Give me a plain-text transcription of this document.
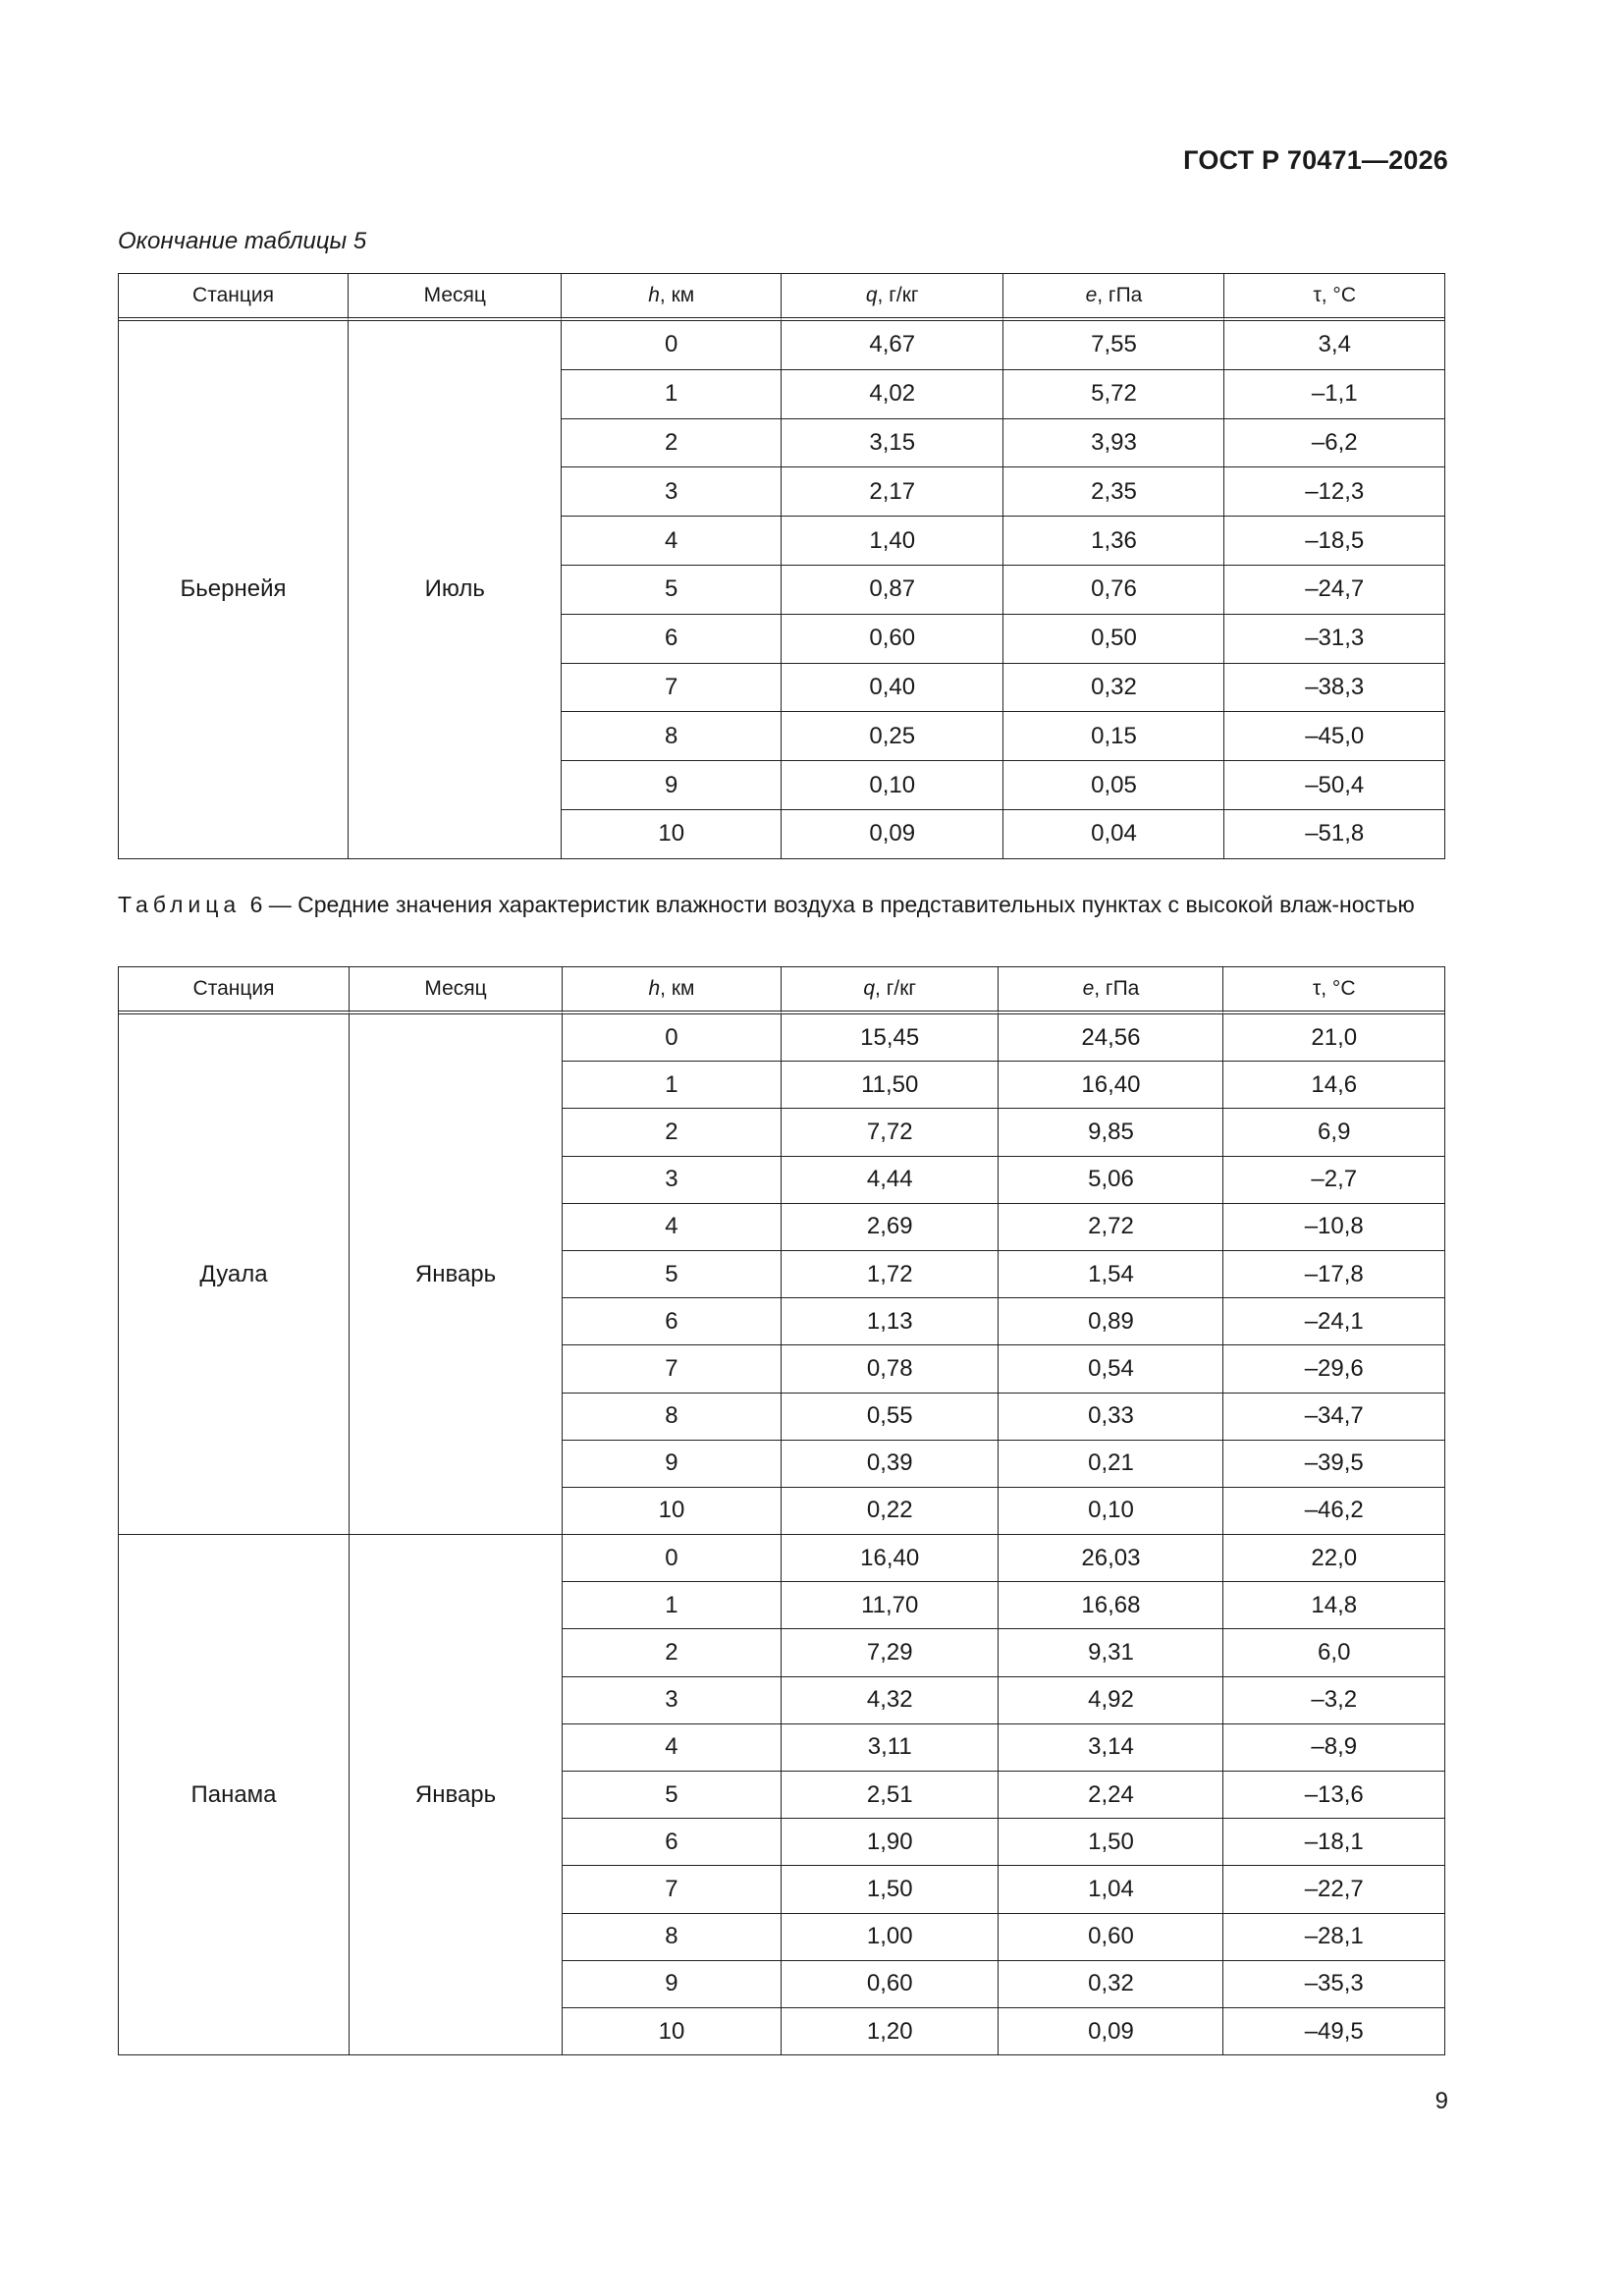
ГОСТ Р 70471—2026
Окончание таблицы 5
Станция	Месяц	h, км	q, г/кг	e, гПа	τ, °C
Бьернейя	Июль	0	4,67	7,55	3,4
		1	4,02	5,72	–1,1
		2	3,15	3,93	–6,2
		3	2,17	2,35	–12,3
		4	1,40	1,36	–18,5
		5	0,87	0,76	–24,7
		6	0,60	0,50	–31,3
		7	0,40	0,32	–38,3
		8	0,25	0,15	–45,0
		9	0,10	0,05	–50,4
		10	0,09	0,04	–51,8
Таблица 6 — Средние значения характеристик влажности воздуха в представительных пунктах с высокой влаж-ностью
Станция	Месяц	h, км	q, г/кг	e, гПа	τ, °C
Дуала	Январь	0	15,45	24,56	21,0
		1	11,50	16,40	14,6
		2	7,72	9,85	6,9
		3	4,44	5,06	–2,7
		4	2,69	2,72	–10,8
		5	1,72	1,54	–17,8
		6	1,13	0,89	–24,1
		7	0,78	0,54	–29,6
		8	0,55	0,33	–34,7
		9	0,39	0,21	–39,5
		10	0,22	0,10	–46,2
Панама	Январь	0	16,40	26,03	22,0
		1	11,70	16,68	14,8
		2	7,29	9,31	6,0
		3	4,32	4,92	–3,2
		4	3,11	3,14	–8,9
		5	2,51	2,24	–13,6
		6	1,90	1,50	–18,1
		7	1,50	1,04	–22,7
		8	1,00	0,60	–28,1
		9	0,60	0,32	–35,3
		10	1,20	0,09	–49,5
9
